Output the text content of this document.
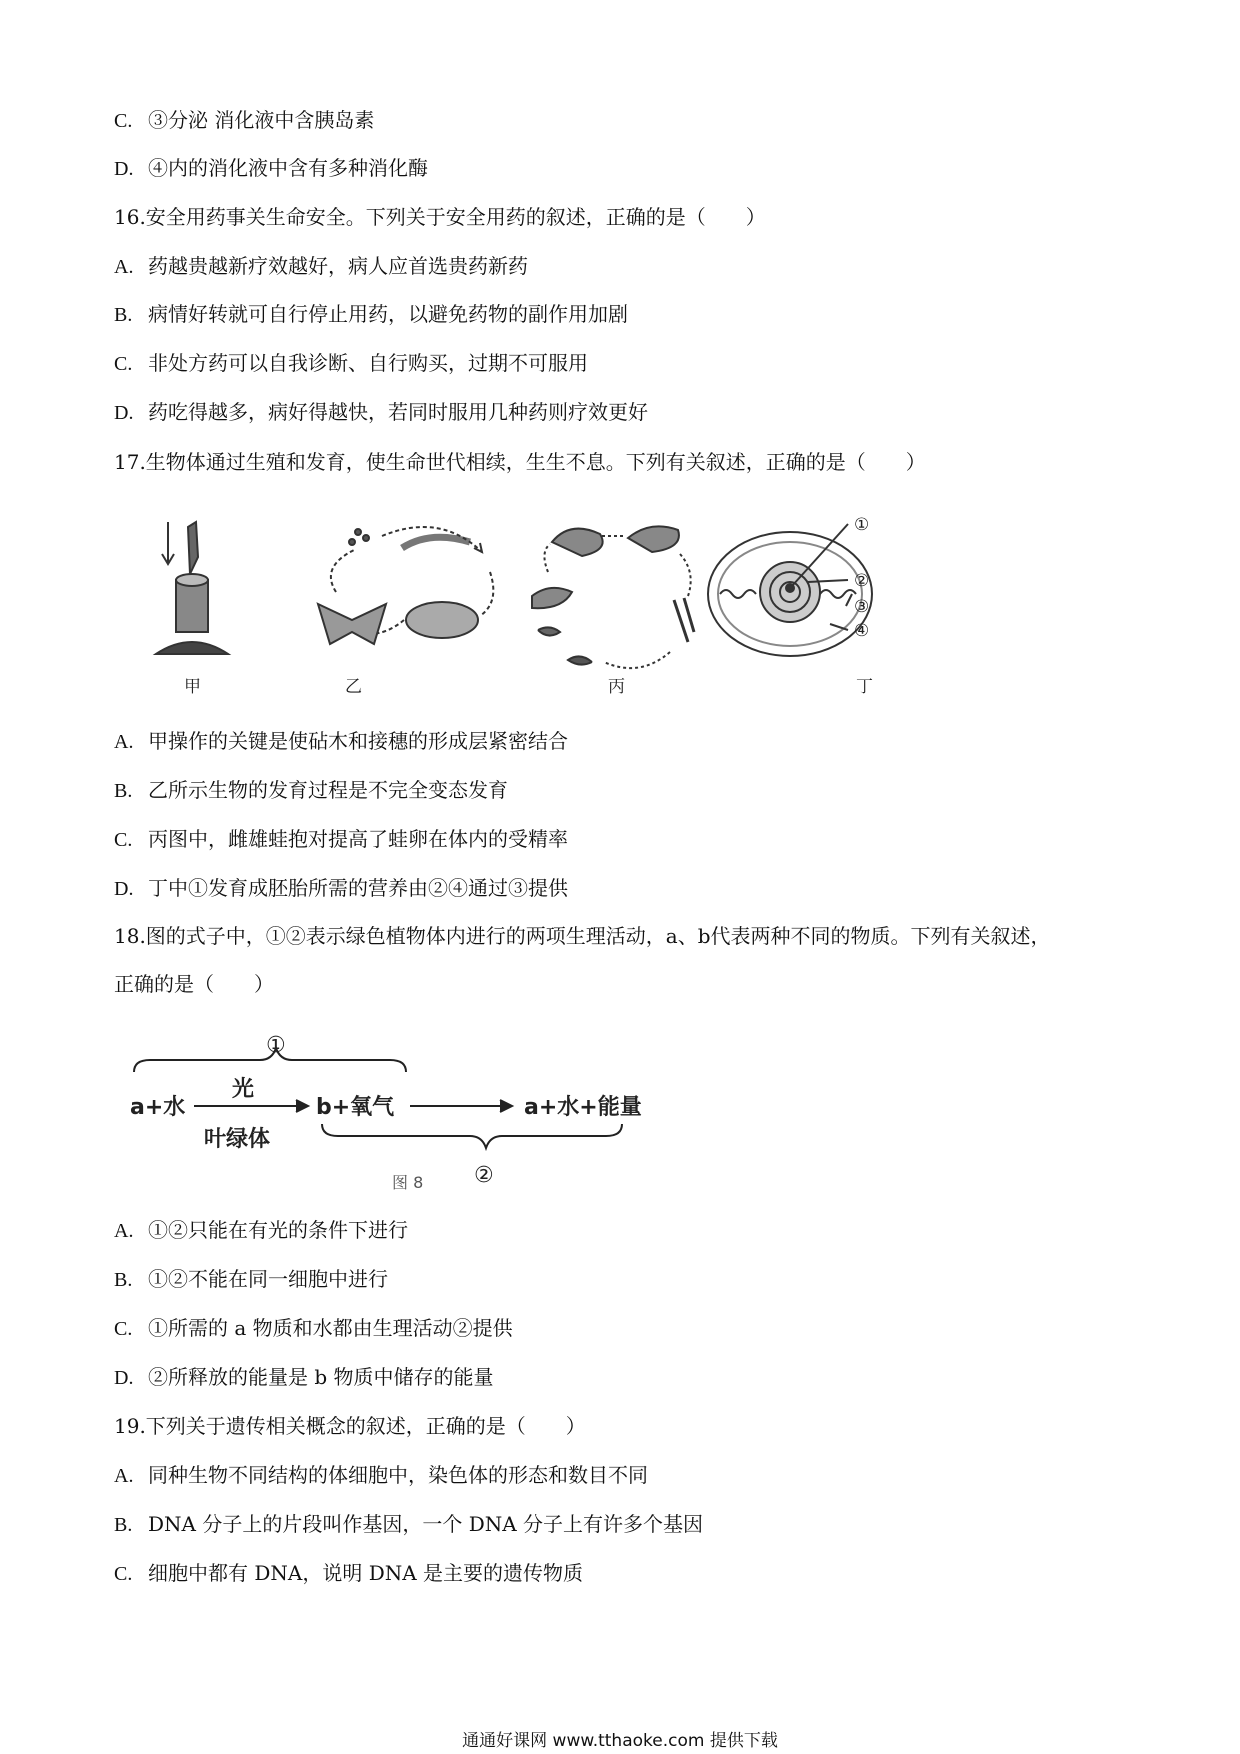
C. ③分泌 消化液中含胰岛素
D. ④内的消化液中含有多种消化酶
16.安全用药事关生命安全。下列关于安全用药的叙述，正确的是（　　）
A. 药越贵越新疗效越好，病人应首选贵药新药
B. 病情好转就可自行停止用药，以避免药物的副作用加剧
C. 非处方药可以自我诊断、自行购买，过期不可服用
D. 药吃得越多，病好得越快，若同时服用几种药则疗效更好
17.生物体通过生殖和发育，使生命世代相续，生生不息。下列有关叙述，正确的是（　　）
甲	乙	丙
①
②
③
④
丁
A. 甲操作的关键是使砧木和接穗的形成层紧密结合
B. 乙所示生物的发育过程是不完全变态发育
C. 丙图中，雌雄蛙抱对提高了蛙卵在体内的受精率
D. 丁中①发育成胚胎所需的营养由②④通过③提供
18.图的式子中，①②表示绿色植物体内进行的两项生理活动，a、b代表两种不同的物质。下列有关叙述，
正确的是（　　）
①
a+水
光
叶绿体
b+氧气	a+水+能量
②
图 8
A. ①②只能在有光的条件下进行
B. ①②不能在同一细胞中进行
C. ①所需的 a 物质和水都由生理活动②提供
D. ②所释放的能量是 b 物质中储存的能量
19.下列关于遗传相关概念的叙述，正确的是（　　）
A. 同种生物不同结构的体细胞中，染色体的形态和数目不同
B. DNA 分子上的片段叫作基因，一个 DNA 分子上有许多个基因
C. 细胞中都有 DNA，说明 DNA 是主要的遗传物质
通通好课网 www.tthaoke.com 提供下载
